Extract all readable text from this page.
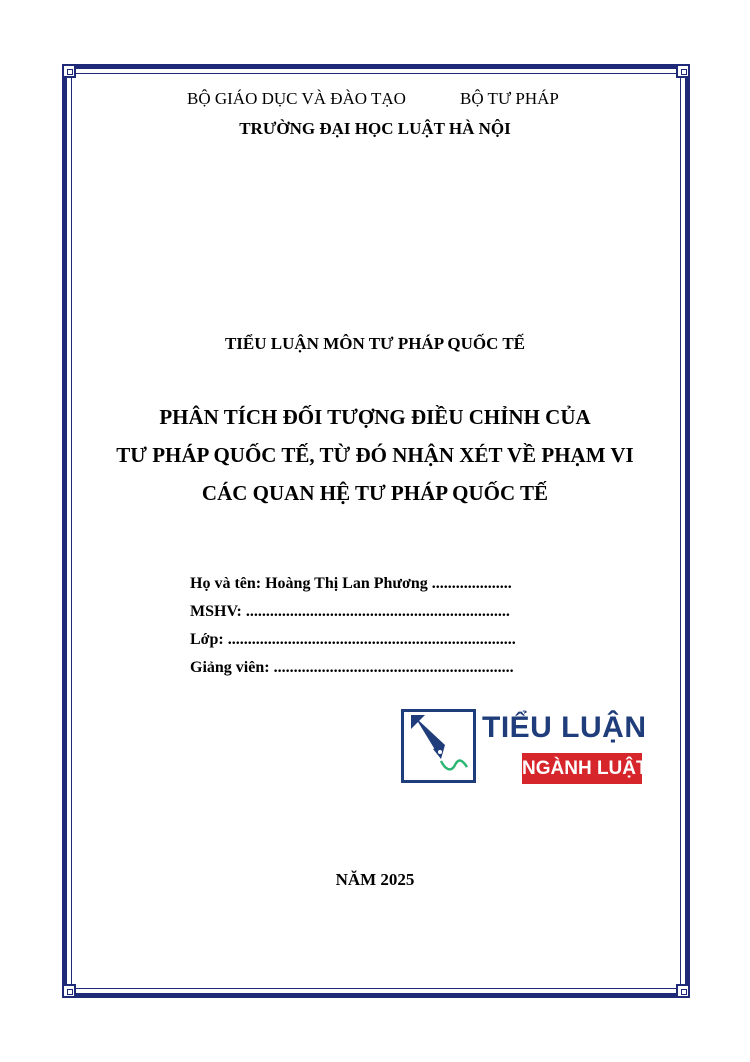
BỘ GIÁO DỤC VÀ ĐÀO TẠO	BỘ TƯ PHÁP
TRƯỜNG ĐẠI HỌC LUẬT HÀ NỘI
TIỂU LUẬN MÔN TƯ PHÁP QUỐC TẾ
PHÂN TÍCH ĐỐI TƯỢNG ĐIỀU CHỈNH CỦA
TƯ PHÁP QUỐC TẾ, TỪ ĐÓ NHẬN XÉT VỀ PHẠM VI
CÁC QUAN HỆ TƯ PHÁP QUỐC TẾ
Họ và tên: Hoàng Thị Lan Phương ....................
MSHV: ..................................................................
Lớp: ........................................................................
Giảng viên: ............................................................
TIỂU LUẬN
NGÀNH LUẬT
NĂM 2025
